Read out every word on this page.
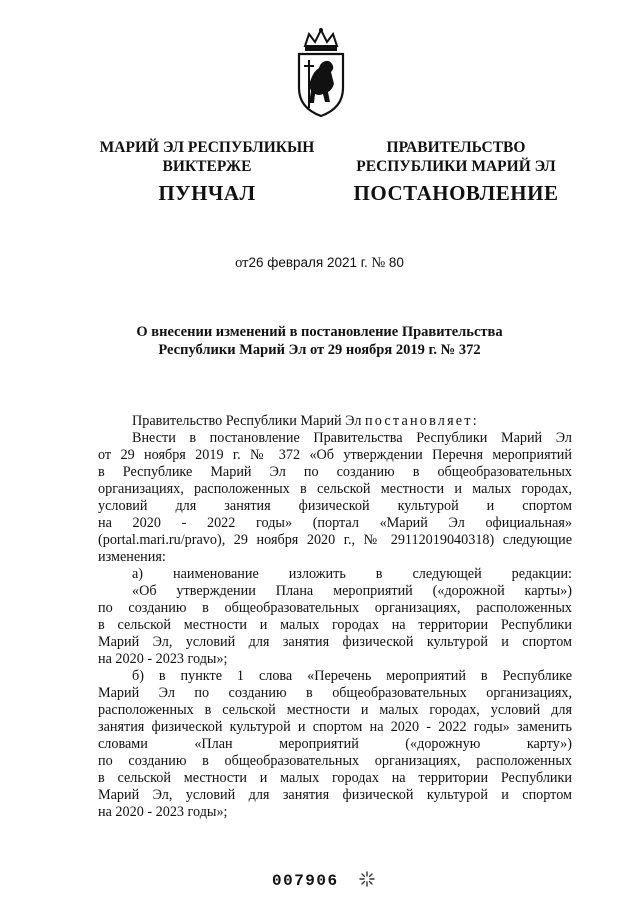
МАРИЙ ЭЛ РЕСПУБЛИКЫН
ВИКТЕРЖЕ
ПУНЧАЛ
ПРАВИТЕЛЬСТВО
РЕСПУБЛИКИ МАРИЙ ЭЛ
ПОСТАНОВЛЕНИЕ
от26 февраля 2021 г. № 80
О внесении изменений в постановление Правительства
Республики Марий Эл от 29 ноября 2019 г. № 372

Правительство Республики Марий Эл постановляет:

Внести в постановление Правительства Республики Марий Эл

от 29 ноября 2019 г. № 372 «Об утверждении Перечня мероприятий

в Республике Марий Эл по созданию в общеобразовательных

организациях, расположенных в сельской местности и малых городах,

условий для занятия физической культурой и спортом

на 2020 - 2022 годы» (портал «Марий Эл официальная»

(portal.mari.ru/pravo), 29 ноября 2020 г., № 29112019040318) следующие

изменения:

а) наименование изложить в следующей редакции:

«Об утверждении Плана мероприятий («дорожной карты»)

по созданию в общеобразовательных организациях, расположенных

в сельской местности и малых городах на территории Республики

Марий Эл, условий для занятия физической культурой и спортом

на 2020 - 2023 годы»;

б) в пункте 1 слова «Перечень мероприятий в Республике

Марий Эл по созданию в общеобразовательных организациях,

расположенных в сельской местности и малых городах, условий для

занятия физической культурой и спортом на 2020 - 2022 годы» заменить

словами «План мероприятий («дорожную карту»)

по созданию в общеобразовательных организациях, расположенных

в сельской местности и малых городах на территории Республики

Марий Эл, условий для занятия физической культурой и спортом

на 2020 - 2023 годы»;

007906
